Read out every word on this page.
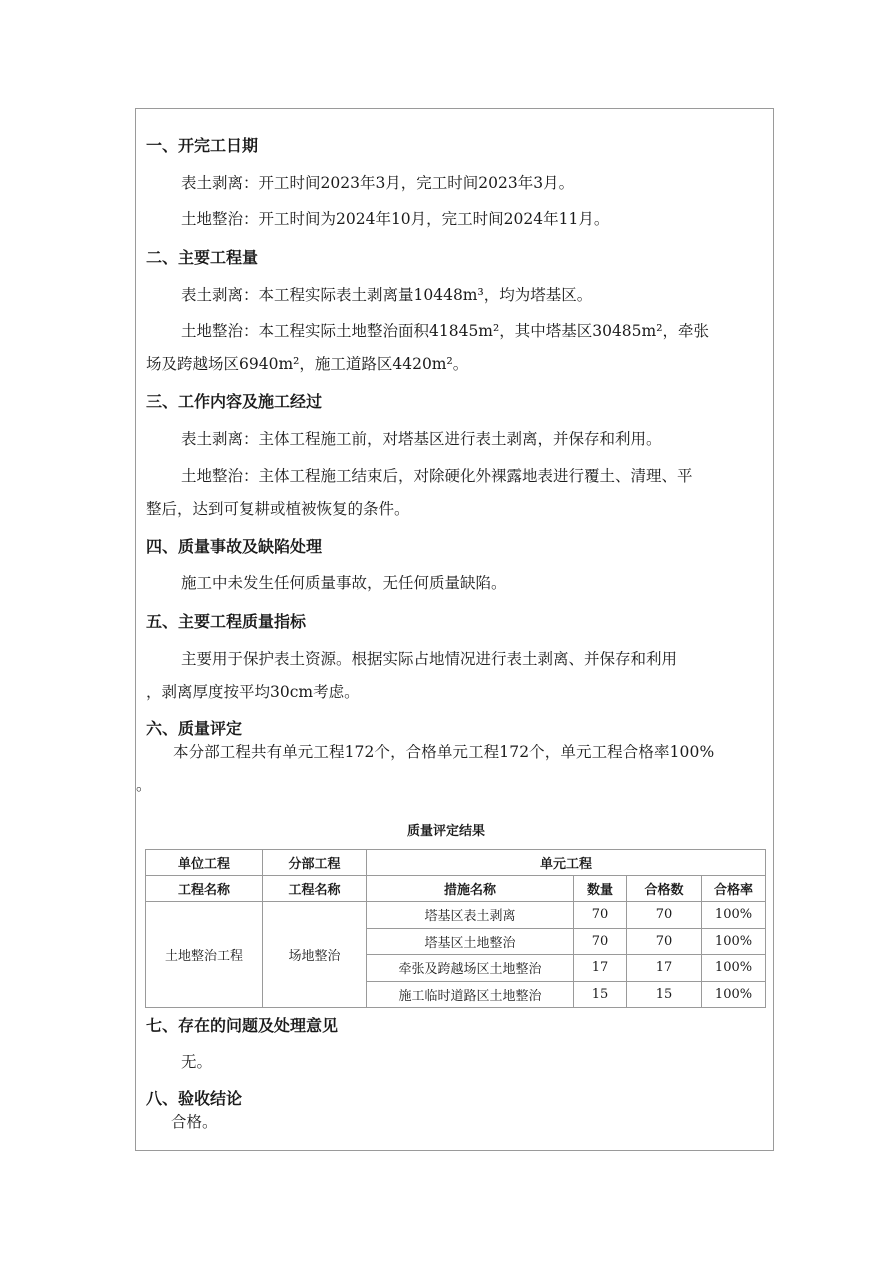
一、开完工日期
表土剥离：开工时间2023年3月，完工时间2023年3月。
土地整治：开工时间为2024年10月，完工时间2024年11月。
二、主要工程量
表土剥离：本工程实际表土剥离量10448m³，均为塔基区。
土地整治：本工程实际土地整治面积41845m²，其中塔基区30485m²，牵张
场及跨越场区6940m²，施工道路区4420m²。
三、工作内容及施工经过
表土剥离：主体工程施工前，对塔基区进行表土剥离，并保存和利用。
土地整治：主体工程施工结束后，对除硬化外裸露地表进行覆土、清理、平
整后，达到可复耕或植被恢复的条件。
四、质量事故及缺陷处理
施工中未发生任何质量事故，无任何质量缺陷。
五、主要工程质量指标
主要用于保护表土资源。根据实际占地情况进行表土剥离、并保存和利用
，剥离厚度按平均30cm考虑。
六、质量评定
本分部工程共有单元工程172个，合格单元工程172个，单元工程合格率100%
。
质量评定结果
单位工程	分部工程	单元工程			
工程名称	工程名称	措施名称	数量	合格数	合格率
土地整治工程	场地整治	塔基区表土剥离	70	70	100%
		塔基区土地整治	70	70	100%
		牵张及跨越场区土地整治	17	17	100%
		施工临时道路区土地整治	15	15	100%
七、存在的问题及处理意见
无。
八、验收结论
合格。
